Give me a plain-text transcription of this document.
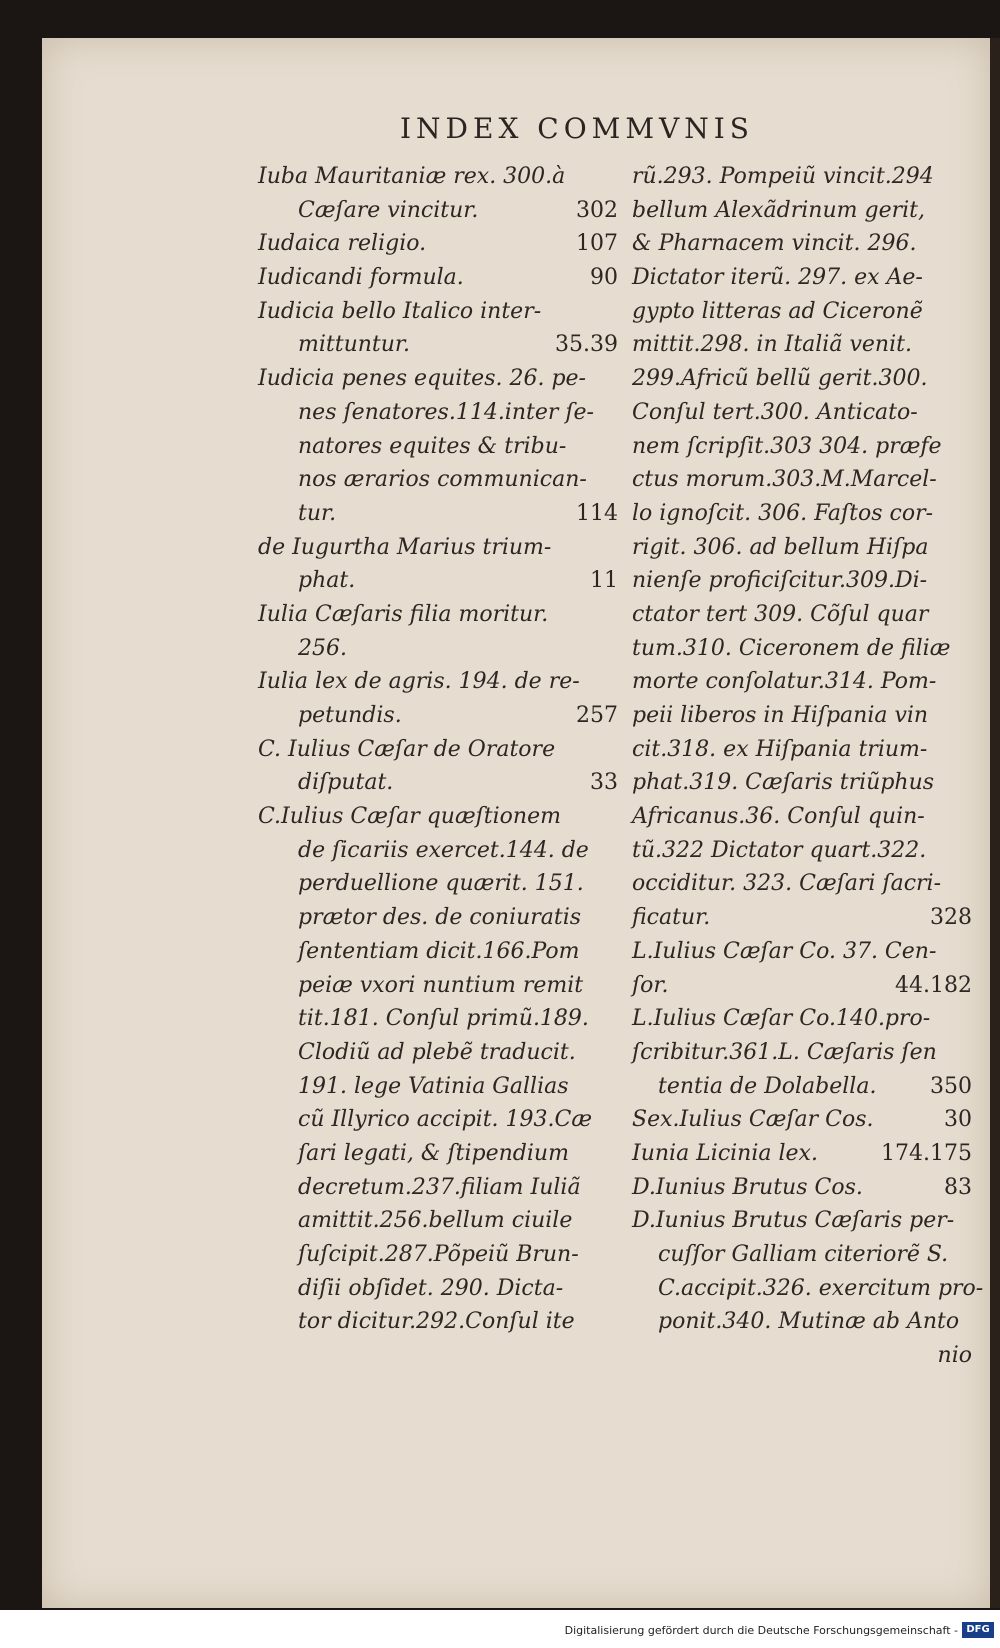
INDEX COMMVNIS
Iuba Mauritaniæ rex. 300.à
Cæſare vincitur.	302
Iudaica religio.	107
Iudicandi formula.	90
Iudicia bello Italico inter-
mittuntur.	35.39
Iudicia penes equites. 26. pe-
nes ſenatores.114.inter ſe-
natores equites & tribu-
nos ærarios communican-
tur.	114
de Iugurtha Marius trium-
phat.	11
Iulia Cæſaris filia moritur.
256.
Iulia lex de agris. 194. de re-
petundis.	257
C. Iulius Cæſar de Oratore
diſputat.	33
C.Iulius Cæſar quæſtionem
de ſicariis exercet.144. de
perduellione quærit. 151.
prætor des. de coniuratis
ſententiam dicit.166.Pom
peiæ vxori nuntium remit
tit.181. Conſul primũ.189.
Clodiũ ad plebẽ traducit.
191. lege Vatinia Gallias
cũ Illyrico accipit. 193.Cæ
ſari legati, & ſtipendium
decretum.237.filiam Iuliã
amittit.256.bellum ciuile
ſuſcipit.287.Põpeiũ Brun-
diſii obſidet. 290. Dicta-
tor dicitur.292.Conſul ite
rũ.293. Pompeiũ vincit.294
bellum Alexãdrinum gerit,
& Pharnacem vincit. 296.
Dictator iterũ. 297. ex Ae-
gypto litteras ad Ciceronẽ
mittit.298. in Italiã venit.
299.Africũ bellũ gerit.300.
Conſul tert.300. Anticato-
nem ſcripſit.303 304. præfe
ctus morum.303.M.Marcel-
lo ignoſcit. 306. Faſtos cor-
rigit. 306. ad bellum Hiſpa
nienſe proficiſcitur.309.Di-
ctator tert 309. Cõſul quar
tum.310. Ciceronem de filiæ
morte conſolatur.314. Pom-
peii liberos in Hiſpania vin
cit.318. ex Hiſpania trium-
phat.319. Cæſaris triũphus
Africanus.36. Conſul quin-
tũ.322 Dictator quart.322.
occiditur. 323. Cæſari ſacri-
ficatur.	328
L.Iulius Cæſar Co. 37. Cen-
ſor.	44.182
L.Iulius Cæſar Co.140.pro-
ſcribitur.361.L. Cæſaris ſen
tentia de Dolabella. 350
Sex.Iulius Cæſar Cos.	30
Iunia Licinia lex.	174.175
D.Iunius Brutus Cos.	83
D.Iunius Brutus Cæſaris per-
cuſſor Galliam citeriorẽ S.
C.accipit.326. exercitum pro-
ponit.340. Mutinæ ab Anto
nio
Digitalisierung gefördert durch die Deutsche Forschungsgemeinschaft - DFG
